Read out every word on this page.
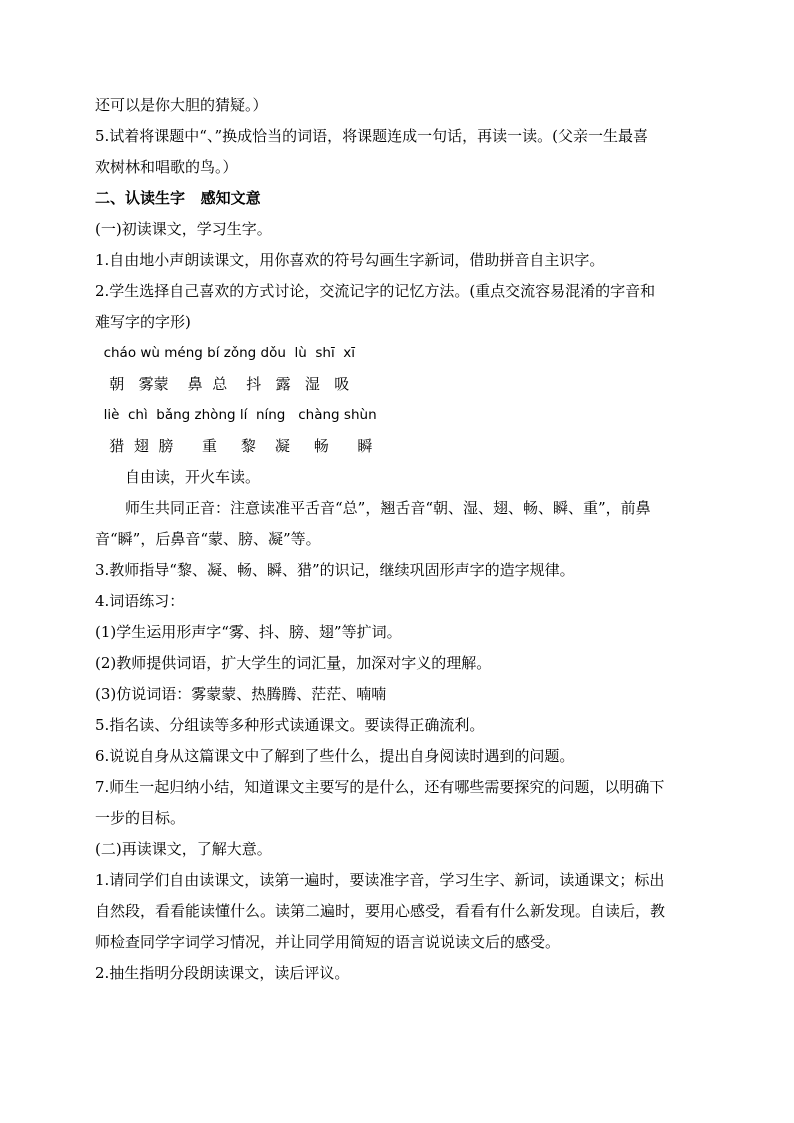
还可以是你大胆的猜疑。）
5.试着将课题中“、”换成恰当的词语，将课题连成一句话，再读一读。(父亲一生最喜
欢树林和唱歌的鸟。）
二、认读生字   感知文意
(一)初读课文，学习生字。
1.自由地小声朗读课文，用你喜欢的符号勾画生字新词，借助拼音自主识字。
2.学生选择自己喜欢的方式讨论，交流记字的记忆方法。(重点交流容易混淆的字音和
难写字的字形)
cháo wù méng bí zǒng dǒu  lù  shī  xī
朝   雾蒙    鼻  总    抖   露   湿   吸
liè  chì  bǎng zhòng lí  níng   chàng shùn
猎  翅  膀      重     黎    凝     畅      瞬
自由读，开火车读。
师生共同正音：注意读准平舌音“总”，翘舌音“朝、湿、翅、畅、瞬、重”，前鼻
音“瞬”，后鼻音“蒙、膀、凝”等。
3.教师指导“黎、凝、畅、瞬、猎”的识记，继续巩固形声字的造字规律。
4.词语练习：
(1)学生运用形声字“雾、抖、膀、翅”等扩词。
(2)教师提供词语，扩大学生的词汇量，加深对字义的理解。
(3)仿说词语：雾蒙蒙、热腾腾、茫茫、喃喃
5.指名读、分组读等多种形式读通课文。要读得正确流利。
6.说说自身从这篇课文中了解到了些什么，提出自身阅读时遇到的问题。
7.师生一起归纳小结，知道课文主要写的是什么，还有哪些需要探究的问题，以明确下
一步的目标。
(二)再读课文，了解大意。
1.请同学们自由读课文，读第一遍时，要读准字音，学习生字、新词，读通课文；标出
自然段，看看能读懂什么。读第二遍时，要用心感受，看看有什么新发现。自读后，教
师检查同学字词学习情况，并让同学用简短的语言说说读文后的感受。
2.抽生指明分段朗读课文，读后评议。
